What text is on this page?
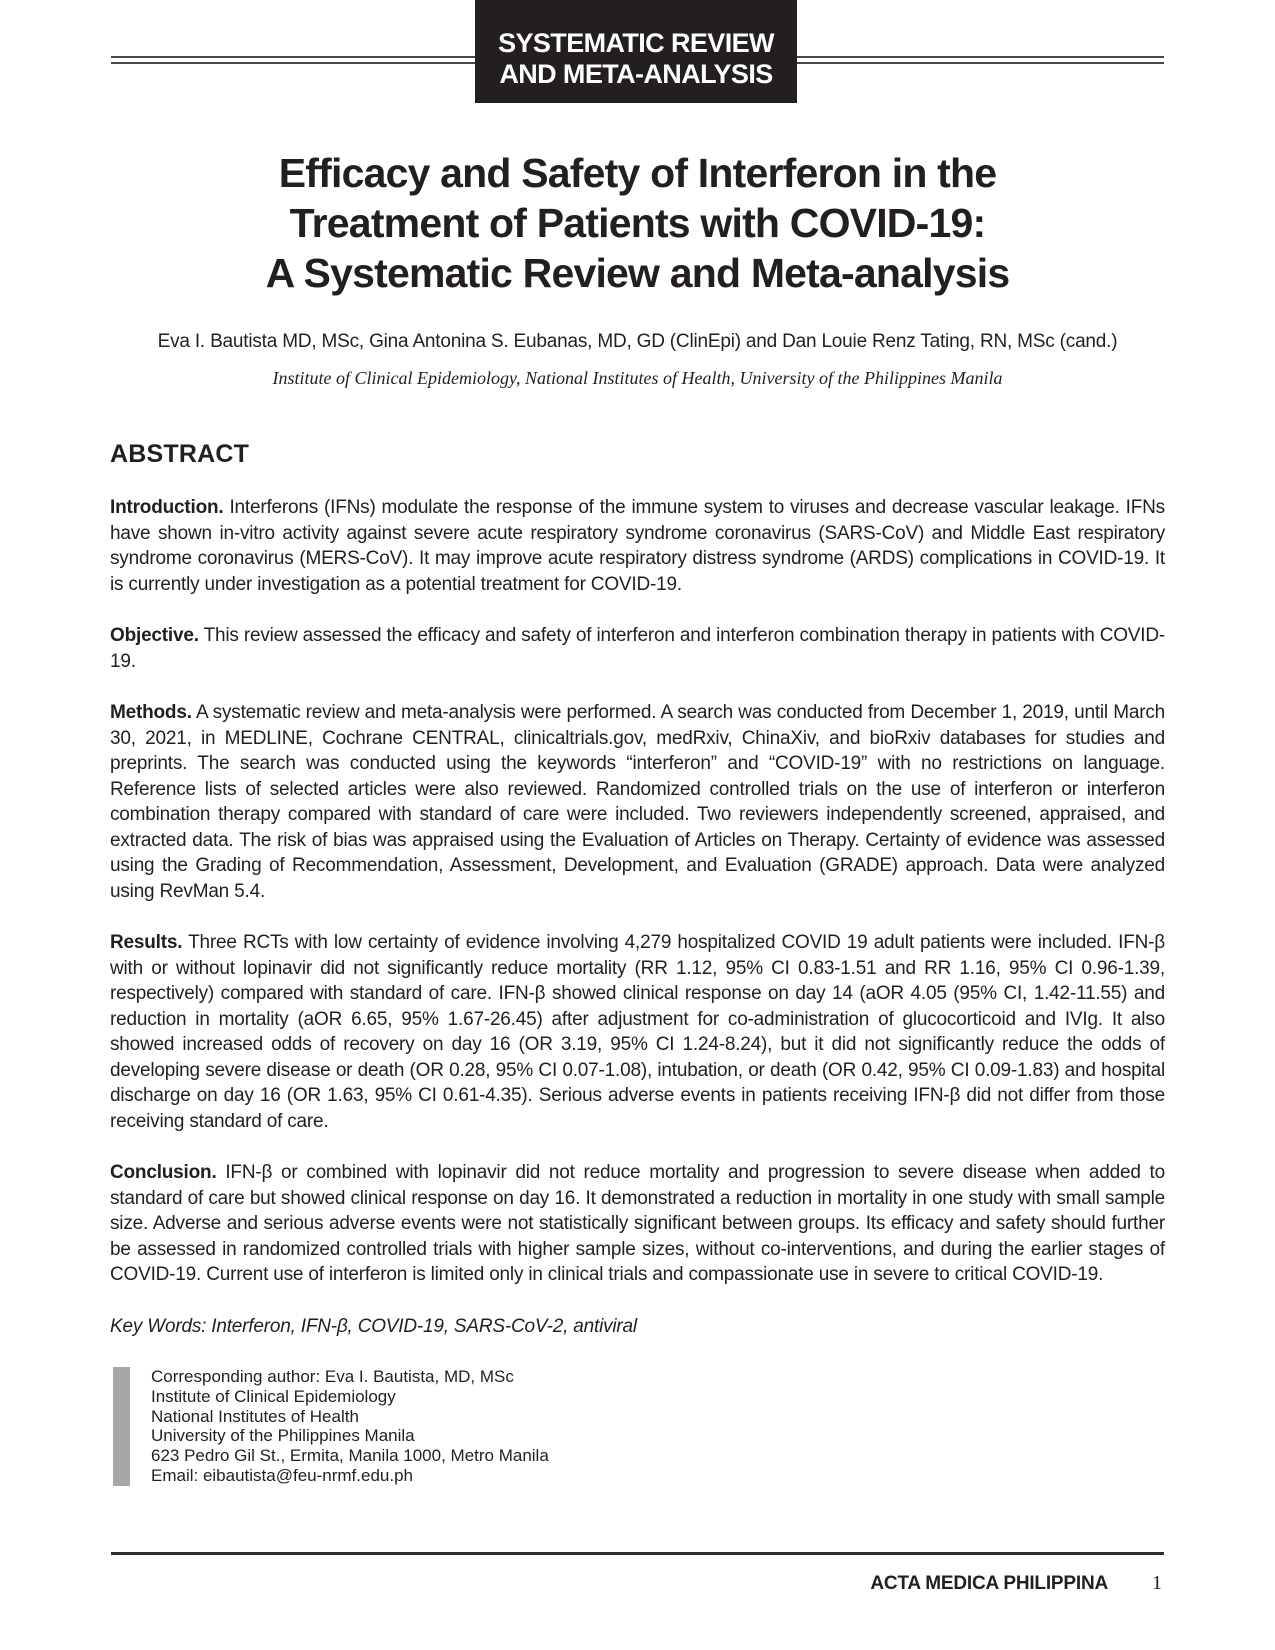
SYSTEMATIC REVIEW
AND META-ANALYSIS
Efficacy and Safety of Interferon in the
Treatment of Patients with COVID-19:
A Systematic Review and Meta-analysis
Eva I. Bautista MD, MSc, Gina Antonina S. Eubanas, MD, GD (ClinEpi) and Dan Louie Renz Tating, RN, MSc (cand.)
Institute of Clinical Epidemiology, National Institutes of Health, University of the Philippines Manila
ABSTRACT

Introduction. Interferons (IFNs) modulate the response of the immune system to viruses and decrease vascular leakage. IFNs have shown in-vitro activity against severe acute respiratory syndrome coronavirus (SARS-CoV) and Middle East respiratory syndrome coronavirus (MERS-CoV). It may improve acute respiratory distress syndrome (ARDS) complications in COVID-19. It is currently under investigation as a potential treatment for COVID-19.

Objective. This review assessed the efficacy and safety of interferon and interferon combination therapy in patients with COVID-19.

Methods. A systematic review and meta-analysis were performed. A search was conducted from December 1, 2019, until March 30, 2021, in MEDLINE, Cochrane CENTRAL, clinicaltrials.gov, medRxiv, ChinaXiv, and bioRxiv databases for studies and preprints. The search was conducted using the keywords “interferon” and “COVID-19” with no restrictions on language. Reference lists of selected articles were also reviewed. Randomized controlled trials on the use of interferon or interferon combination therapy compared with standard of care were included. Two reviewers independently screened, appraised, and extracted data. The risk of bias was appraised using the Evaluation of Articles on Therapy. Certainty of evidence was assessed using the Grading of Recommendation, Assessment, Development, and Evaluation (GRADE) approach. Data were analyzed using RevMan 5.4.

Results. Three RCTs with low certainty of evidence involving 4,279 hospitalized COVID 19 adult patients were included. IFN-β with or without lopinavir did not significantly reduce mortality (RR 1.12, 95% CI 0.83-1.51 and RR 1.16, 95% CI 0.96-1.39, respectively) compared with standard of care. IFN-β showed clinical response on day 14 (aOR 4.05 (95% CI, 1.42-11.55) and reduction in mortality (aOR 6.65, 95% 1.67-26.45) after adjustment for co-administration of glucocorticoid and IVIg. It also showed increased odds of recovery on day 16 (OR 3.19, 95% CI 1.24-8.24), but it did not significantly reduce the odds of developing severe disease or death (OR 0.28, 95% CI 0.07-1.08), intubation, or death (OR 0.42, 95% CI 0.09-1.83) and hospital discharge on day 16 (OR 1.63, 95% CI 0.61-4.35). Serious adverse events in patients receiving IFN-β did not differ from those receiving standard of care.

Conclusion. IFN-β or combined with lopinavir did not reduce mortality and progression to severe disease when added to standard of care but showed clinical response on day 16. It demonstrated a reduction in mortality in one study with small sample size. Adverse and serious adverse events were not statistically significant between groups. Its efficacy and safety should further be assessed in randomized controlled trials with higher sample sizes, without co-interventions, and during the earlier stages of COVID-19. Current use of interferon is limited only in clinical trials and compassionate use in severe to critical COVID-19.

Key Words: Interferon, IFN-β, COVID-19, SARS-CoV-2, antiviral

Corresponding author: Eva I. Bautista, MD, MSc
Institute of Clinical Epidemiology
National Institutes of Health
University of the Philippines Manila
623 Pedro Gil St., Ermita, Manila 1000, Metro Manila
Email: eibautista@feu-nrmf.edu.ph
ACTA MEDICA PHILIPPINA 1
